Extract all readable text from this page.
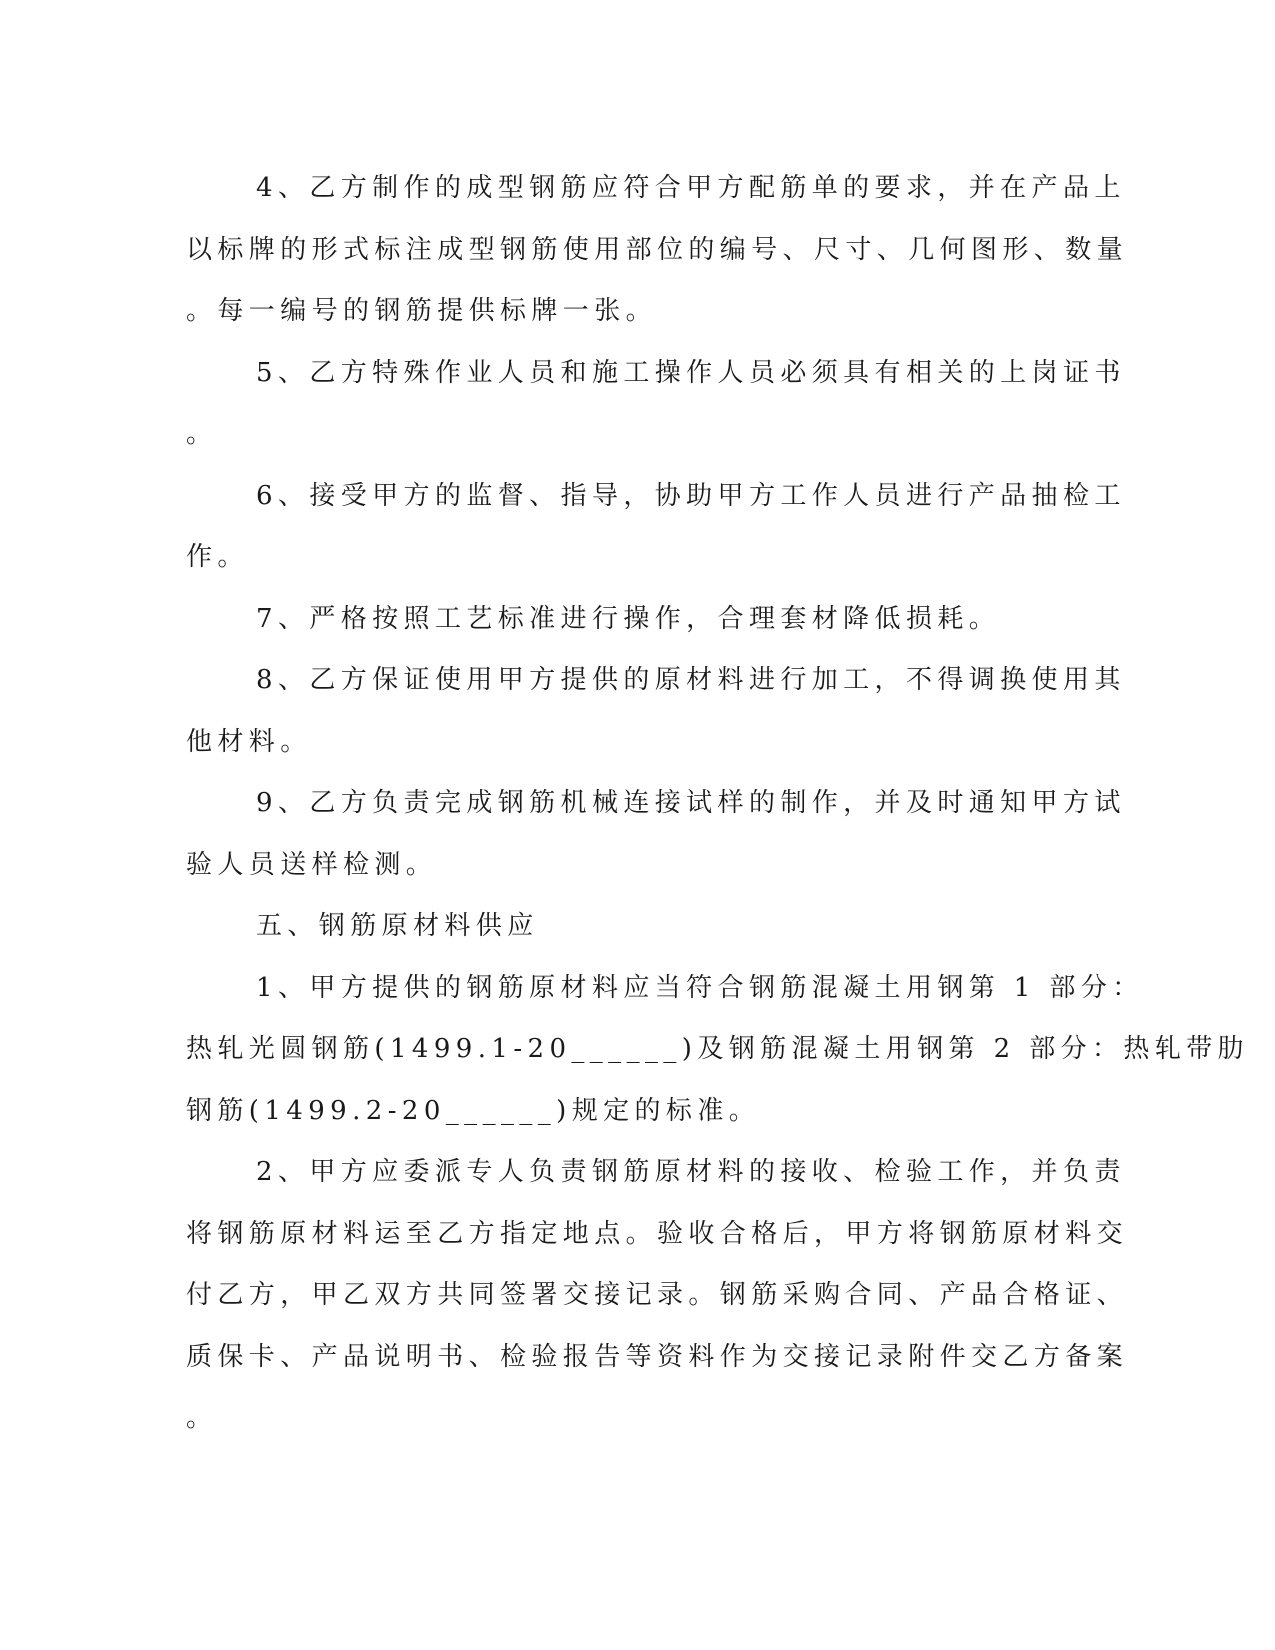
4、乙方制作的成型钢筋应符合甲方配筋单的要求，并在产品上
以标牌的形式标注成型钢筋使用部位的编号、尺寸、几何图形、数量
。每一编号的钢筋提供标牌一张。
5、乙方特殊作业人员和施工操作人员必须具有相关的上岗证书
。
6、接受甲方的监督、指导，协助甲方工作人员进行产品抽检工
作。
7、严格按照工艺标准进行操作，合理套材降低损耗。
8、乙方保证使用甲方提供的原材料进行加工，不得调换使用其
他材料。
9、乙方负责完成钢筋机械连接试样的制作，并及时通知甲方试
验人员送样检测。
五、钢筋原材料供应
1、甲方提供的钢筋原材料应当符合钢筋混凝土用钢第 1 部分：
热轧光圆钢筋(1499.1-20______)及钢筋混凝土用钢第 2 部分：热轧带肋
钢筋(1499.2-20______)规定的标准。
2、甲方应委派专人负责钢筋原材料的接收、检验工作，并负责
将钢筋原材料运至乙方指定地点。验收合格后，甲方将钢筋原材料交
付乙方，甲乙双方共同签署交接记录。钢筋采购合同、产品合格证、
质保卡、产品说明书、检验报告等资料作为交接记录附件交乙方备案
。
